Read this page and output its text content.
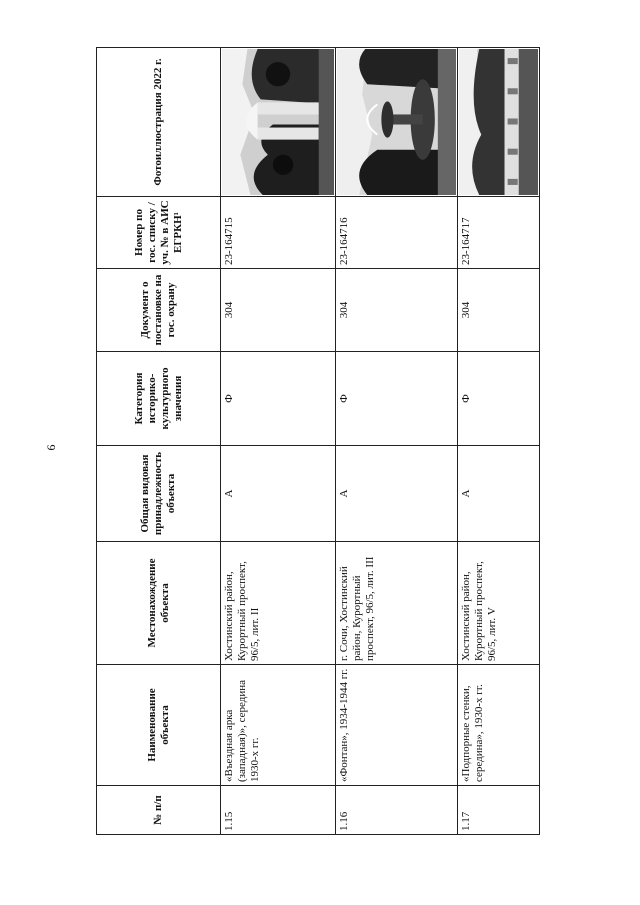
9
№ п/п	Наименование объекта	Местонахождение объекта	Общая видовая принадлежность объекта	Категория историко-культурного значения	Документ о постановке на гос. охрану	Номер по гос. списку /уч. № в АИС ЕГРКН¹	Фотоиллюстрация 2022 г.
1.15	«Въездная арка (западная)», середина 1930-х гг.	Хостинский район, Курортный проспект, 96/5, лит. II	А	Ф	304	23-164715	

1.16	«Фонтан», 1934-1944 гг.	г. Сочи, Хостинский район, Курортный проспект, 96/5, лит. III	А	Ф	304	23-164716	

1.17	«Подпорные стенки, середина», 1930-х гг.	Хостинский район, Курортный проспект, 96/5, лит. V	А	Ф	304	23-164717	
